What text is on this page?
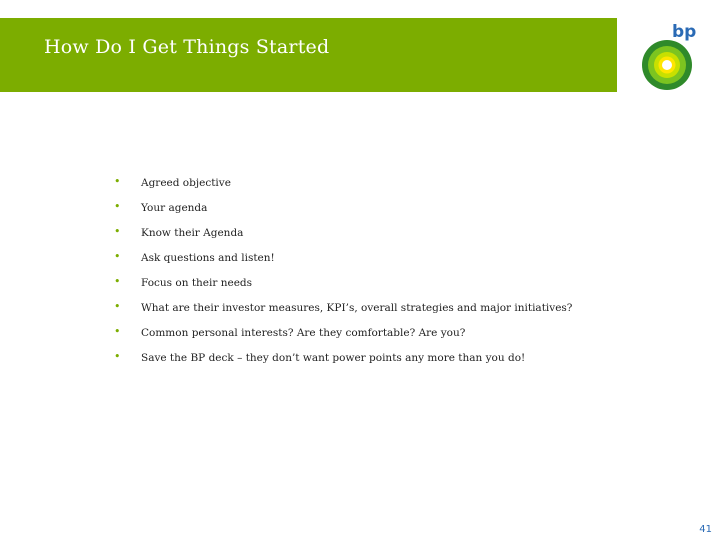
How Do I Get Things Started
bp
• Agreed objective
• Your agenda
• Know their Agenda
• Ask questions and listen!
• Focus on their needs
• What are their investor measures, KPI’s, overall strategies and major initiatives?
• Common personal interests? Are they comfortable? Are you?
• Save the BP deck – they don’t want power points any more than you do!
41
